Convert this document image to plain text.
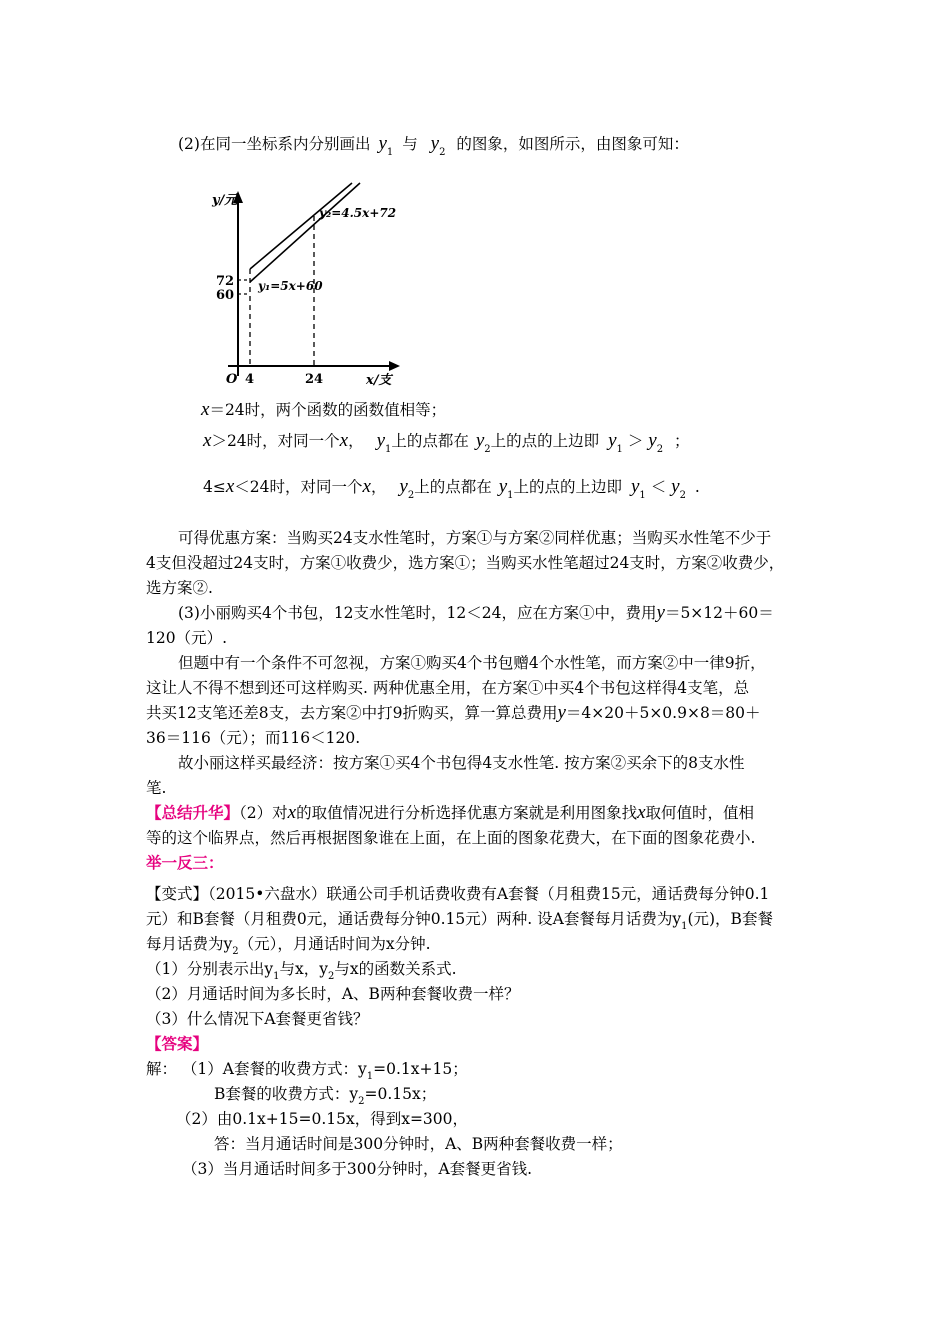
(2)在同一坐标系内分别画出 $y_1$ 与 $y_2$ 的图象，如图所示，由图象可知：
y/元
x/支
O 4	24
72
60
y₂=4.5x+72
y₁=5x+60
x＝24时，两个函数的函数值相等；
x＞24时，对同一个x， $y_1$上的点都在 $y_2$上的点的上边即 $y_1 > y_2$ ；
4≤x＜24时，对同一个x， $y_2$上的点都在 $y_1$上的点的上边即 $y_1 < y_2$ .
可得优惠方案：当购买24支水性笔时，方案①与方案②同样优惠；当购买水性笔不少于
4支但没超过24支时，方案①收费少，选方案①；当购买水性笔超过24支时，方案②收费少，
选方案②.
(3)小丽购买4个书包，12支水性笔时，12＜24，应在方案①中，费用y＝5×12＋60＝
120（元）.
但题中有一个条件不可忽视，方案①购买4个书包赠4个水性笔，而方案②中一律9折，
这让人不得不想到还可这样购买. 两种优惠全用，在方案①中买4个书包这样得4支笔，总
共买12支笔还差8支，去方案②中打9折购买，算一算总费用y＝4×20＋5×0.9×8＝80＋
36＝116（元）；而116＜120.
故小丽这样买最经济：按方案①买4个书包得4支水性笔. 按方案②买余下的8支水性
笔.
【总结升华】（2）对x的取值情况进行分析选择优惠方案就是利用图象找x取何值时，值相
等的这个临界点，然后再根据图象谁在上面，在上面的图象花费大，在下面的图象花费小.
举一反三：
【变式】（2015•六盘水）联通公司手机话费收费有A套餐（月租费15元，通话费每分钟0.1
元）和B套餐（月租费0元，通话费每分钟0.15元）两种. 设A套餐每月话费为$y_1$(元)，B套餐
每月话费为$y_2$（元），月通话时间为x分钟.
（1）分别表示出$y_1$与x，$y_2$与x的函数关系式.
（2）月通话时间为多长时，A、B两种套餐收费一样？
（3）什么情况下A套餐更省钱？
【答案】
解： （1）A套餐的收费方式：$y_1=0.1x+15$；
B套餐的收费方式：$y_2=0.15x$；
（2）由0.1x+15=0.15x，得到x=300，
答：当月通话时间是300分钟时，A、B两种套餐收费一样；
（3）当月通话时间多于300分钟时，A套餐更省钱.
